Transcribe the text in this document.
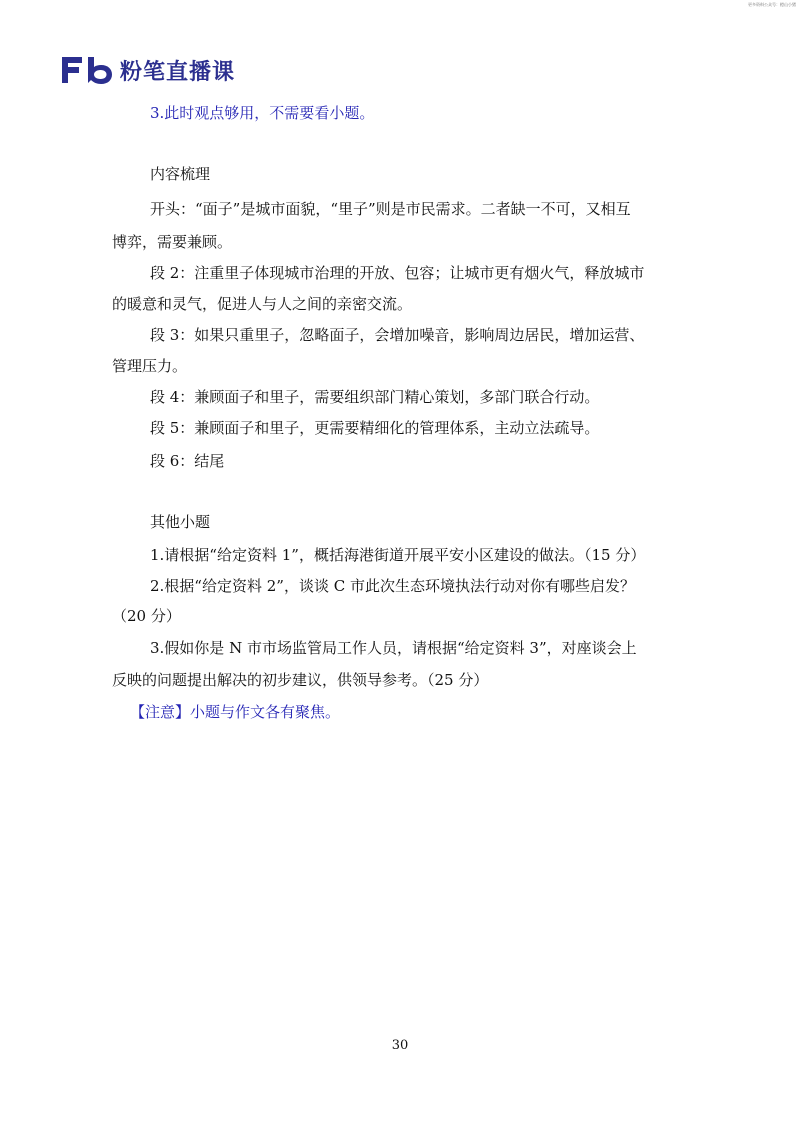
更多资料公众号：橙山小猪
粉笔直播课
3.此时观点够用，不需要看小题。
内容梳理
开头：“面子”是城市面貌，“里子”则是市民需求。二者缺一不可，又相互
博弈，需要兼顾。
段 2：注重里子体现城市治理的开放、包容；让城市更有烟火气，释放城市
的暖意和灵气，促进人与人之间的亲密交流。
段 3：如果只重里子，忽略面子，会增加噪音，影响周边居民，增加运营、
管理压力。
段 4：兼顾面子和里子，需要组织部门精心策划，多部门联合行动。
段 5：兼顾面子和里子，更需要精细化的管理体系，主动立法疏导。
段 6：结尾
其他小题
1.请根据“给定资料 1”，概括海港街道开展平安小区建设的做法。（15 分）
2.根据“给定资料 2”，谈谈 C 市此次生态环境执法行动对你有哪些启发？
（20 分）
3.假如你是 N 市市场监管局工作人员，请根据“给定资料 3”，对座谈会上
反映的问题提出解决的初步建议，供领导参考。（25 分）
【注意】小题与作文各有聚焦。
30
